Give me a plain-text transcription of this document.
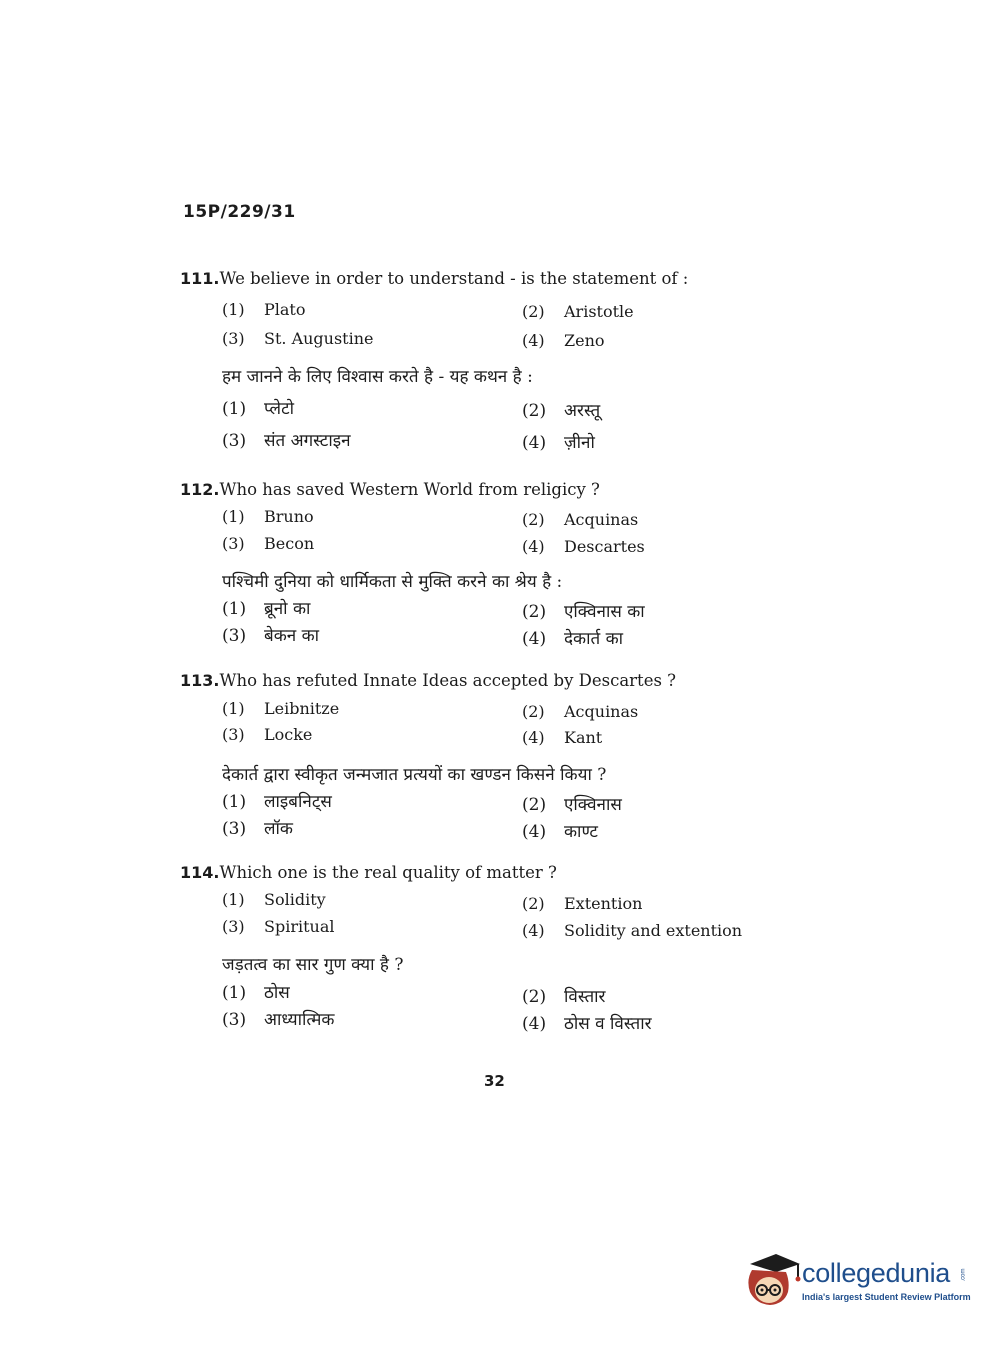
15P/229/31
111.We believe in order to understand - is the statement of :
(1) Plato	(2) Aristotle
(3) St. Augustine	(4) Zeno
हम जानने के लिए विश्वास करते है - यह कथन है :
(1) प्लेटो	(2) अरस्तू
(3) संत अगस्टाइन	(4) ज़ीनो
112.Who has saved Western World from religicy ?
(1) Bruno	(2) Acquinas
(3) Becon	(4) Descartes
पश्चिमी दुनिया को धार्मिकता से मुक्ति करने का श्रेय है :
(1) ब्रूनो का	(2) एक्विनास का
(3) बेकन का	(4) देकार्त का
113.Who has refuted Innate Ideas accepted by Descartes ?
(1) Leibnitze	(2) Acquinas
(3) Locke	(4) Kant
देकार्त द्वारा स्वीकृत जन्मजात प्रत्ययों का खण्डन किसने किया ?
(1) लाइबनिट्स	(2) एक्विनास
(3) लॉक	(4) काण्ट
114.Which one is the real quality of matter ?
(1) Solidity	(2) Extention
(3) Spiritual	(4) Solidity and extention
जड़तत्व का सार गुण क्या है ?
(1) ठोस	(2) विस्तार
(3) आध्यात्मिक	(4) ठोस व विस्तार
32
collegedunia .com
India's largest Student Review Platform
